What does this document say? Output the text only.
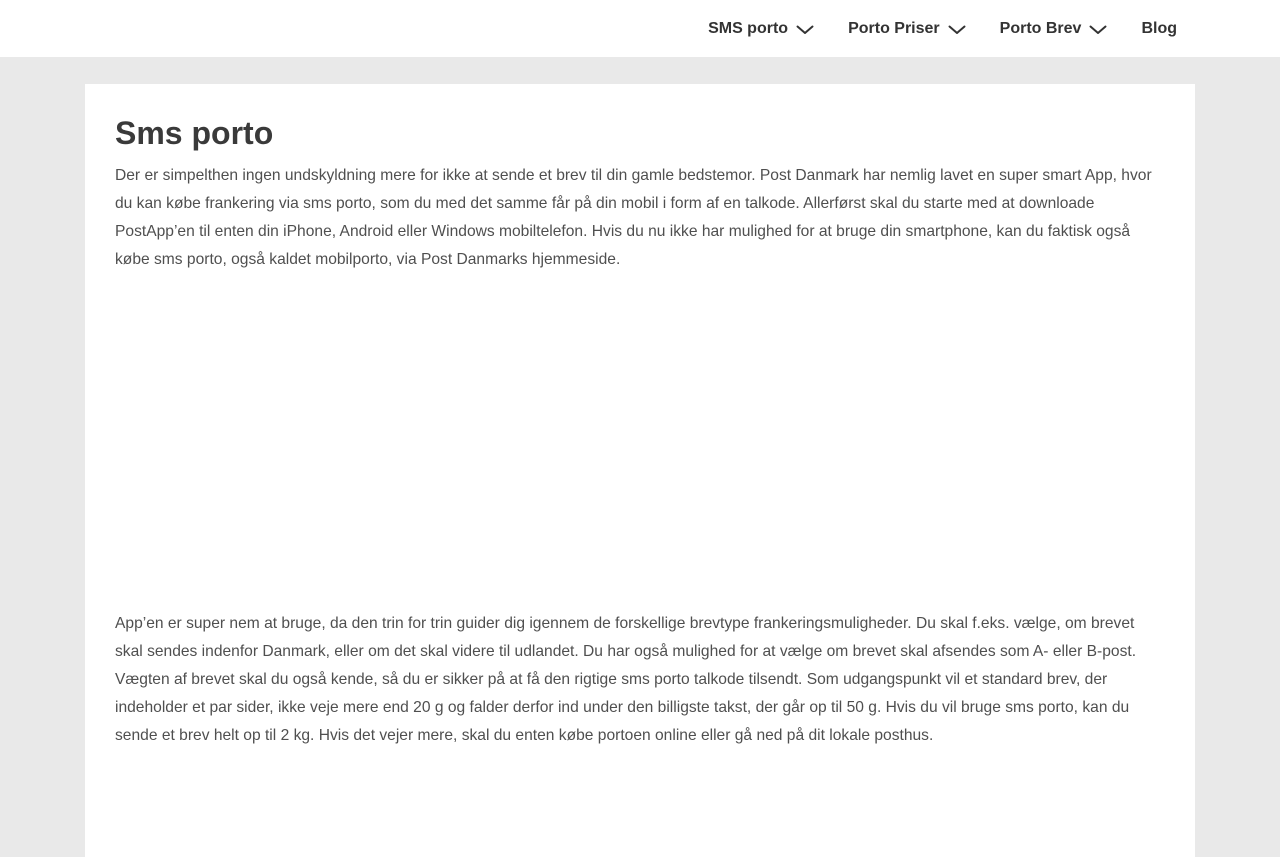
SMS porto	Porto Priser	Porto Brev	Blog
Sms porto

Der er simpelthen ingen undskyldning mere for ikke at sende et brev til din gamle bedstemor. Post Danmark har nemlig lavet en super smart App, hvor du kan købe frankering via sms porto, som du med det samme får på din mobil i form af en talkode. Allerførst skal du starte med at downloade PostApp’en til enten din iPhone, Android eller Windows mobiltelefon. Hvis du nu ikke har mulighed for at bruge din smartphone, kan du faktisk også købe sms porto, også kaldet mobilporto, via Post Danmarks hjemmeside.

App’en er super nem at bruge, da den trin for trin guider dig igennem de forskellige brevtype frankeringsmuligheder. Du skal f.eks. vælge, om brevet skal sendes indenfor Danmark, eller om det skal videre til udlandet. Du har også mulighed for at vælge om brevet skal afsendes som A- eller B-post. Vægten af brevet skal du også kende, så du er sikker på at få den rigtige sms porto talkode tilsendt. Som udgangspunkt vil et standard brev, der indeholder et par sider, ikke veje mere end 20 g og falder derfor ind under den billigste takst, der går op til 50 g. Hvis du vil bruge sms porto, kan du sende et brev helt op til 2 kg. Hvis det vejer mere, skal du enten købe portoen online eller gå ned på dit lokale posthus.
